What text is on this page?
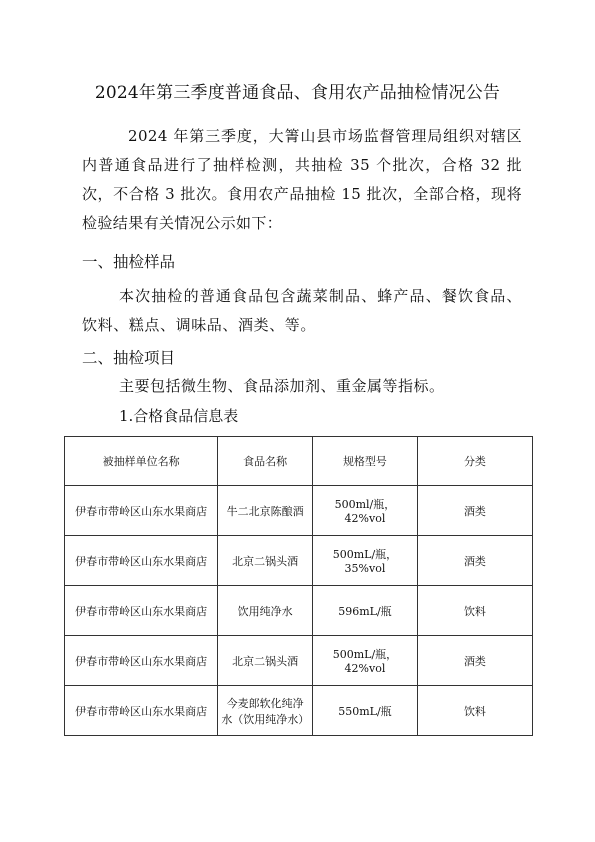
2024年第三季度普通食品、食用农产品抽检情况公告
2024 年第三季度，大箐山县市场监督管理局组织对辖区内普通食品进行了抽样检测，共抽检 35 个批次，合格 32 批次，不合格 3 批次。食用农产品抽检 15 批次，全部合格，现将检验结果有关情况公示如下：
一、抽检样品
本次抽检的普通食品包含蔬菜制品、蜂产品、餐饮食品、饮料、糕点、调味品、酒类、等。
二、抽检项目
主要包括微生物、食品添加剂、重金属等指标。
1.合格食品信息表
被抽样单位名称	食品名称	规格型号	分类
伊春市带岭区山东水果商店	牛二北京陈酿酒	500ml/瓶，42%vol	酒类
伊春市带岭区山东水果商店	北京二锅头酒	500mL/瓶，35%vol	酒类
伊春市带岭区山东水果商店	饮用纯净水	596mL/瓶	饮料
伊春市带岭区山东水果商店	北京二锅头酒	500mL/瓶，42%vol	酒类
伊春市带岭区山东水果商店	今麦郎软化纯净水（饮用纯净水）	550mL/瓶	饮料
